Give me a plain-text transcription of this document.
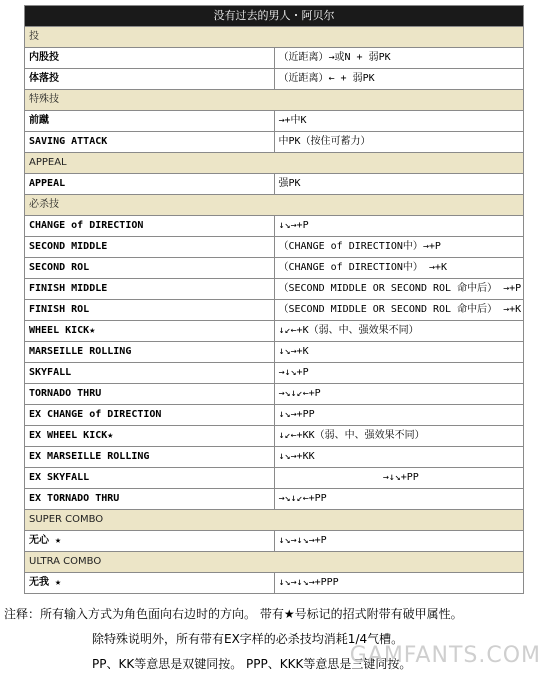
没有过去的男人・阿贝尔	
投	
内股投	（近距离）→或N + 弱PK
体落投	（近距离）← + 弱PK
特殊技	
前蹴	→+中K
SAVING ATTACK	中PK（按住可蓄力）
APPEAL	
APPEAL	强PK
必杀技	
CHANGE of DIRECTION	↓↘→+P
SECOND MIDDLE	（CHANGE of DIRECTION中）→+P
SECOND ROL	（CHANGE of DIRECTION中） →+K
FINISH MIDDLE	（SECOND MIDDLE OR SECOND ROL 命中后） →+P
FINISH ROL	（SECOND MIDDLE OR SECOND ROL 命中后） →+K
WHEEL KICK★	↓↙←+K（弱、中、强效果不同）
MARSEILLE ROLLING	↓↘→+K
SKYFALL	→↓↘+P
TORNADO THRU	→↘↓↙←+P
EX CHANGE of DIRECTION	↓↘→+PP
EX WHEEL KICK★	↓↙←+KK（弱、中、强效果不同）
EX MARSEILLE ROLLING	↓↘→+KK
EX SKYFALL	→↓↘+PP
EX TORNADO THRU	→↘↓↙←+PP
SUPER COMBO	
无心 ★	↓↘→↓↘→+P
ULTRA COMBO	
无我 ★	↓↘→↓↘→+PPP
注释：所有输入方式为角色面向右边时的方向。 带有★号标记的招式附带有破甲属性。
除特殊说明外，所有带有EX字样的必杀技均消耗1/4气槽。
PP、KK等意思是双键同按。 PPP、KKK等意思是三键同按。
GAMFANTS.COM
